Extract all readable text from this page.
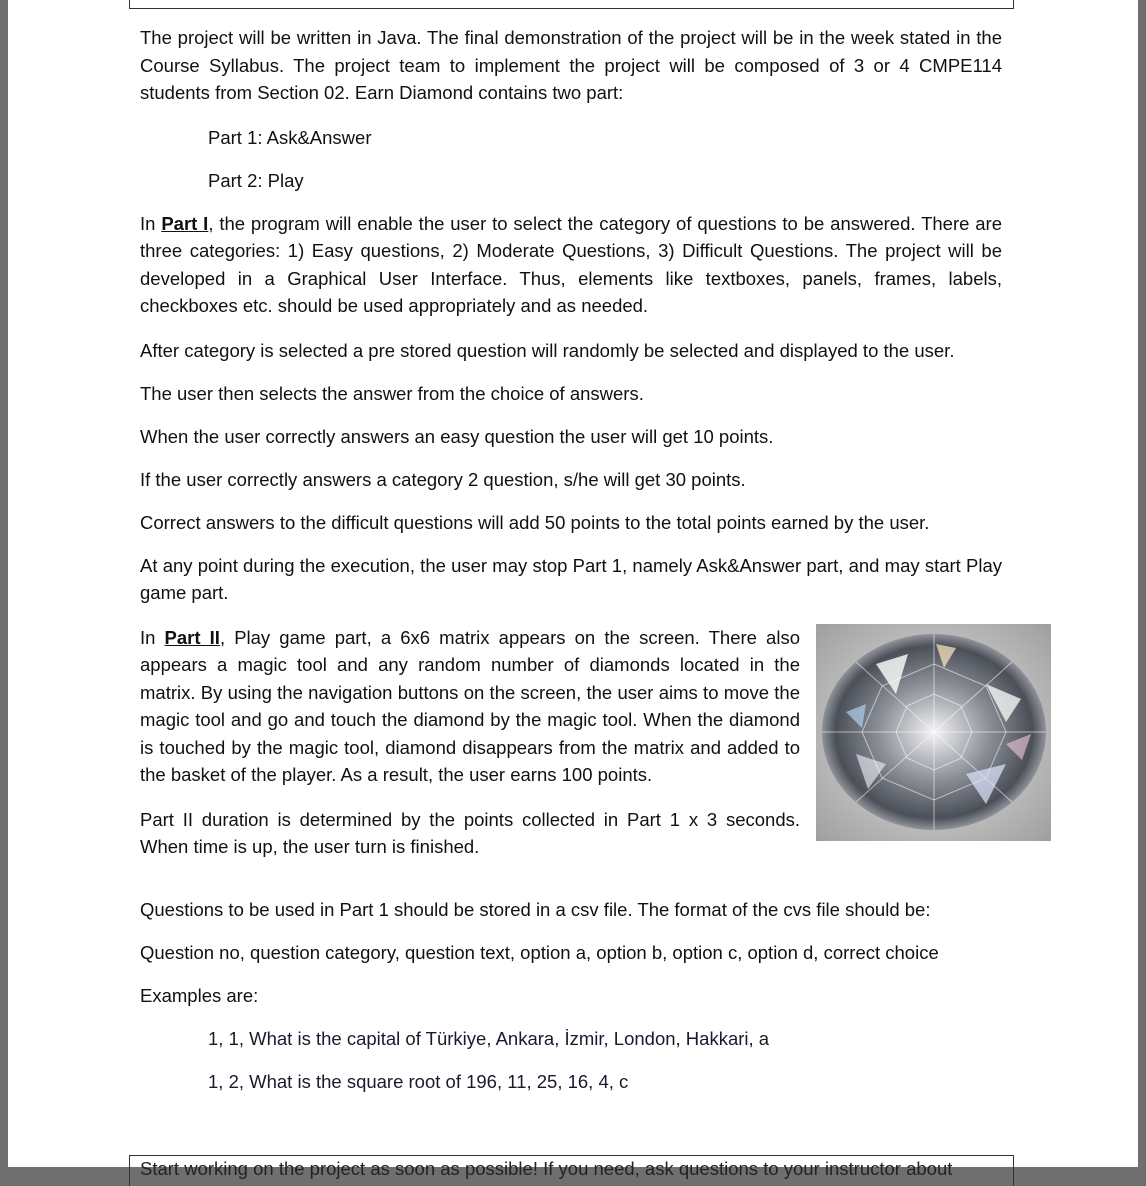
The project will be written in Java. The final demonstration of the project will be in the week stated in the Course Syllabus. The project team to implement the project will be composed of 3 or 4 CMPE114 students from Section 02. Earn Diamond contains two part:

Part 1: Ask&Answer

Part 2: Play

In Part I, the program will enable the user to select the category of questions to be answered. There are three categories: 1) Easy questions, 2) Moderate Questions, 3) Difficult Questions. The project will be developed in a Graphical User Interface. Thus, elements like textboxes, panels, frames, labels, checkboxes etc. should be used appropriately and as needed.

After category is selected a pre stored question will randomly be selected and displayed to the user.

The user then selects the answer from the choice of answers.

When the user correctly answers an easy question the user will get 10 points.

If the user correctly answers a category 2 question, s/he will get 30 points.

Correct answers to the difficult questions will add 50 points to the total points earned by the user.

At any point during the execution, the user may stop Part 1, namely Ask&Answer part, and may start Play game part.

In Part II, Play game part, a 6x6 matrix appears on the screen. There also appears a magic tool and any random number of diamonds located in the matrix. By using the navigation buttons on the screen, the user aims to move the magic tool and go and touch the diamond by the magic tool. When the diamond is touched by the magic tool, diamond disappears from the matrix and added to the basket of the player. As a result, the user earns 100 points.

Part II duration is determined by the points collected in Part 1 x 3 seconds. When time is up, the user turn is finished.

Questions to be used in Part 1 should be stored in a csv file. The format of the cvs file should be:

Question no, question category, question text, option a, option b, option c, option d, correct choice

Examples are:

1, 1, What is the capital of Türkiye, Ankara, İzmir, London, Hakkari, a

1, 2, What is the square root of 196, 11, 25, 16, 4, c

Start working on the project as soon as possible! If you need, ask questions to your instructor about
